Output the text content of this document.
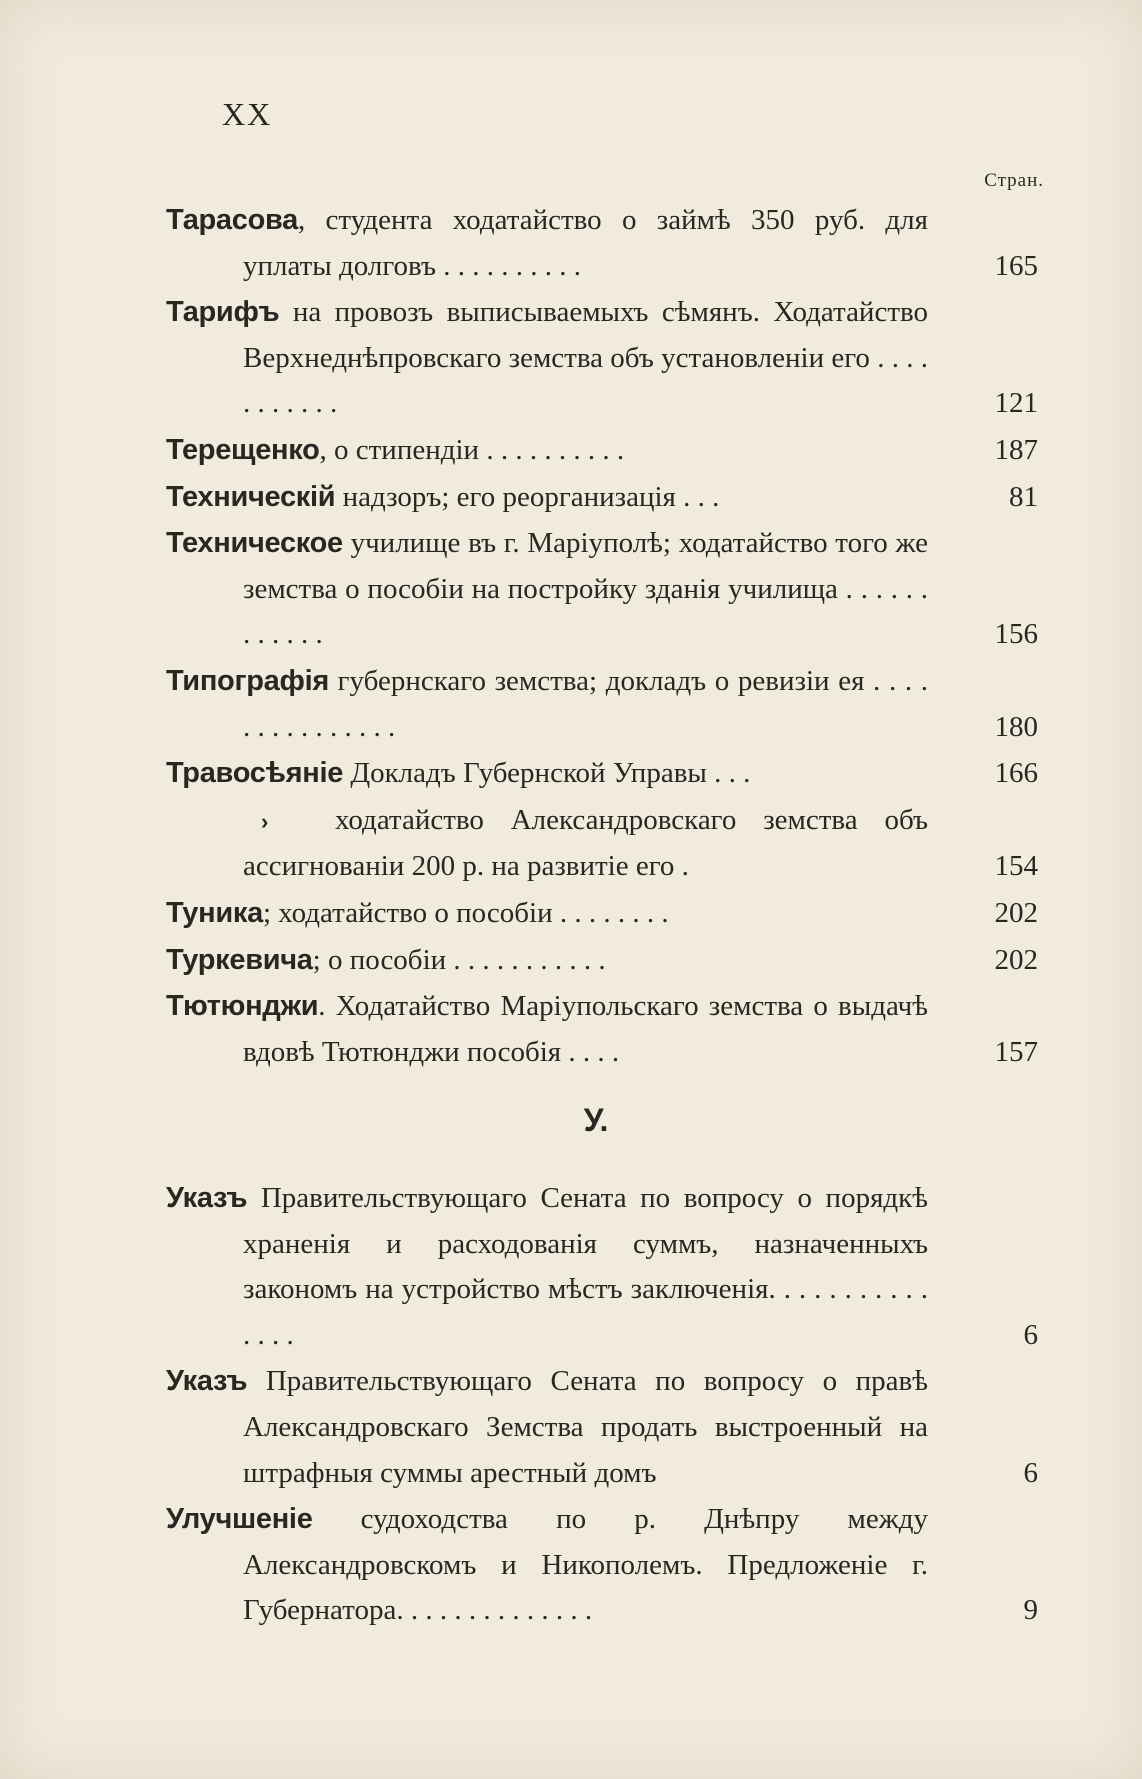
XX
Стран.
Тарасова, студента ходатайство о займѣ 350 руб. для уплаты долговъ . . . . . . . . . .	165
Тарифъ на провозъ выписываемыхъ сѣмянъ. Ходатайство Верхнеднѣпровскаго земства объ установленіи его . . . . . . . . . . .	121
Терещенко, о стипендіи . . . . . . . . . .	187
Техническій надзоръ; его реорганизація . . .	81
Техническое училище въ г. Маріуполѣ; ходатайство того же земства о пособіи на постройку зданія училища . . . . . . . . . . . .	156
Типографія губернскаго земства; докладъ о ревизіи ея . . . . . . . . . . . . . . .	180
Травосѣяніе Докладъ Губернской Управы . . .	166
› ходатайство Александровскаго земства объ ассигнованіи 200 р. на развитіе его .	154
Туника; ходатайство о пособіи . . . . . . . .	202
Туркевича; о пособіи . . . . . . . . . . .	202
Тютюнджи. Ходатайство Маріупольскаго земства о выдачѣ вдовѣ Тютюнджи пособія . . . .	157
У.
Указъ Правительствующаго Сената по вопросу о порядкѣ храненія и расходованія суммъ, назначенныхъ закономъ на устройство мѣстъ заключенія. . . . . . . . . . . . . . .	6
Указъ Правительствующаго Сената по вопросу о правѣ Александровскаго Земства продать выстроенный на штрафныя суммы арестный домъ	6
Улучшеніе судоходства по р. Днѣпру между Александровскомъ и Никополемъ. Предложеніе г. Губернатора. . . . . . . . . . . . . .	9
